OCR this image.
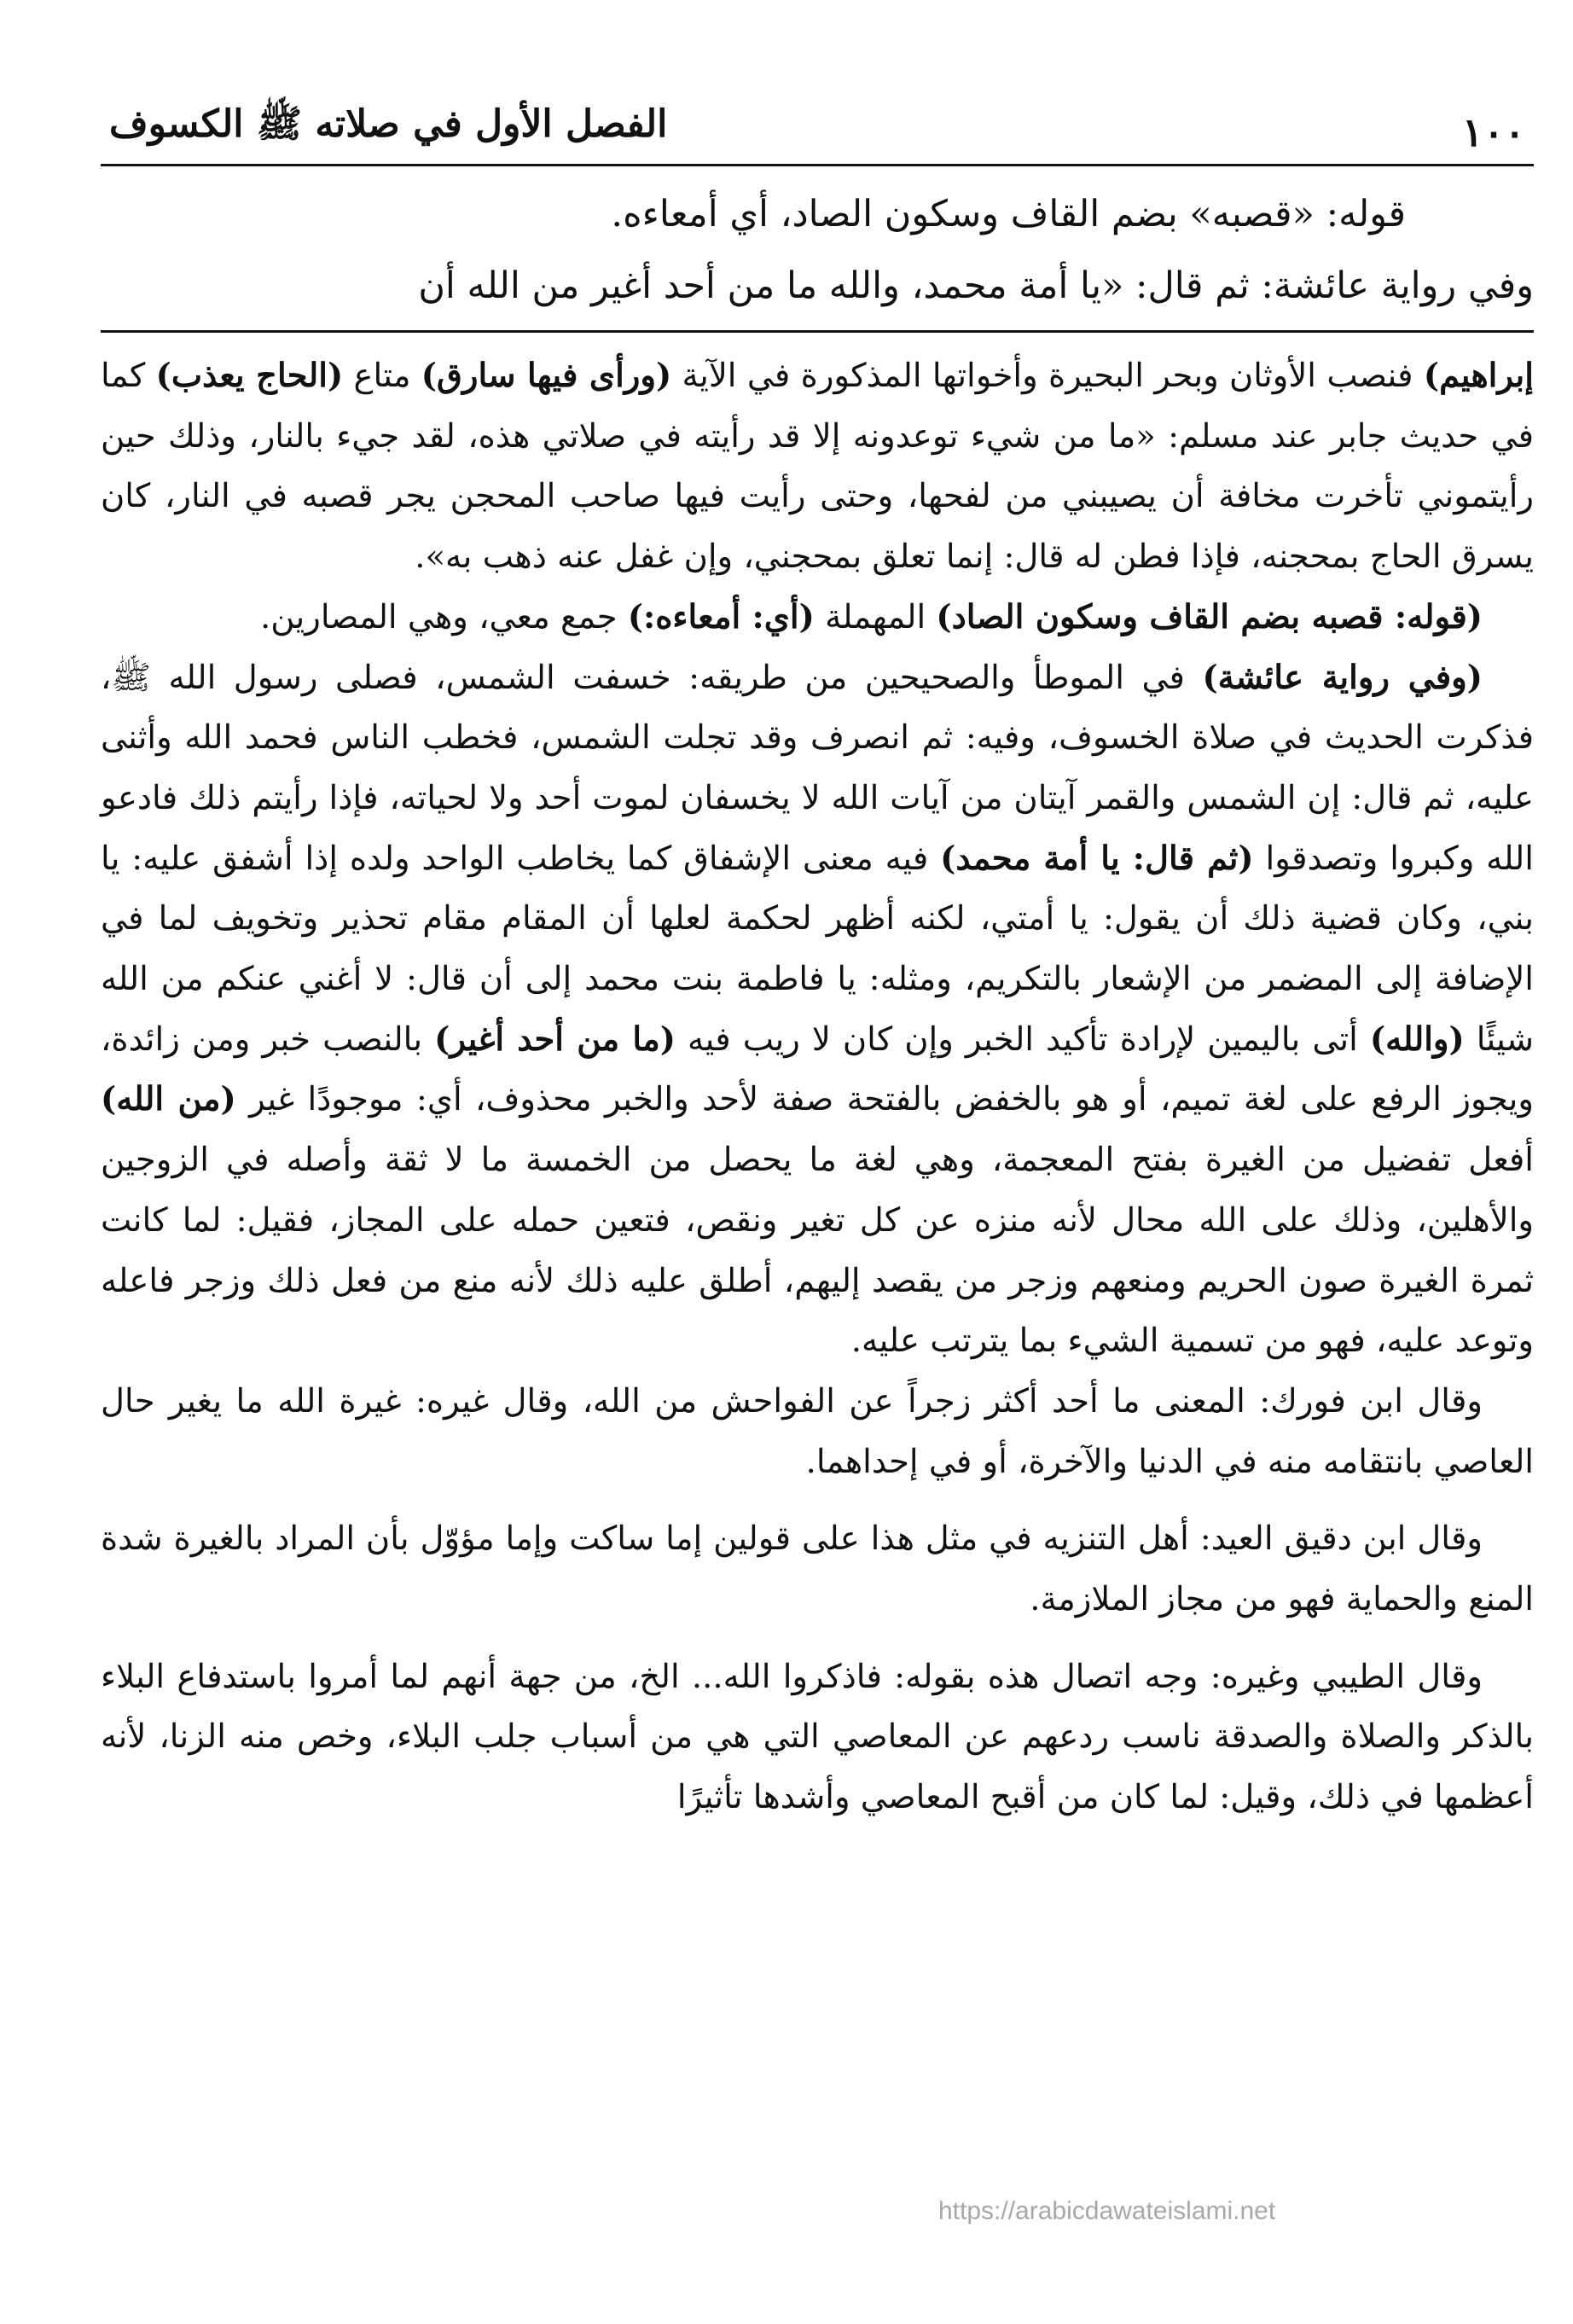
١٠٠
الفصل الأول في صلاته ﷺ الكسوف

قوله: «قصبه» بضم القاف وسكون الصاد، أي أمعاءه.

وفي رواية عائشة: ثم قال: «يا أمة محمد، والله ما من أحد أغير من الله أن

إبراهيم) فنصب الأوثان وبحر البحيرة وأخواتها المذكورة في الآية (ورأى فيها سارق) متاع (الحاج يعذب) كما في حديث جابر عند مسلم: «ما من شيء توعدونه إلا قد رأيته في صلاتي هذه، لقد جيء بالنار، وذلك حين رأيتموني تأخرت مخافة أن يصيبني من لفحها، وحتى رأيت فيها صاحب المحجن يجر قصبه في النار، كان يسرق الحاج بمحجنه، فإذا فطن له قال: إنما تعلق بمحجني، وإن غفل عنه ذهب به».

(قوله: قصبه بضم القاف وسكون الصاد) المهملة (أي: أمعاءه:) جمع معي، وهي المصارين.

(وفي رواية عائشة) في الموطأ والصحيحين من طريقه: خسفت الشمس، فصلى رسول الله ﷺ، فذكرت الحديث في صلاة الخسوف، وفيه: ثم انصرف وقد تجلت الشمس، فخطب الناس فحمد الله وأثنى عليه، ثم قال: إن الشمس والقمر آيتان من آيات الله لا يخسفان لموت أحد ولا لحياته، فإذا رأيتم ذلك فادعو الله وكبروا وتصدقوا (ثم قال: يا أمة محمد) فيه معنى الإشفاق كما يخاطب الواحد ولده إذا أشفق عليه: يا بني، وكان قضية ذلك أن يقول: يا أمتي، لكنه أظهر لحكمة لعلها أن المقام مقام تحذير وتخويف لما في الإضافة إلى المضمر من الإشعار بالتكريم، ومثله: يا فاطمة بنت محمد إلى أن قال: لا أغني عنكم من الله شيئًا (والله) أتى باليمين لإرادة تأكيد الخبر وإن كان لا ريب فيه (ما من أحد أغير) بالنصب خبر ومن زائدة، ويجوز الرفع على لغة تميم، أو هو بالخفض بالفتحة صفة لأحد والخبر محذوف، أي: موجودًا غير (من الله) أفعل تفضيل من الغيرة بفتح المعجمة، وهي لغة ما يحصل من الخمسة ما لا ثقة وأصله في الزوجين والأهلين، وذلك على الله محال لأنه منزه عن كل تغير ونقص، فتعين حمله على المجاز، فقيل: لما كانت ثمرة الغيرة صون الحريم ومنعهم وزجر من يقصد إليهم، أطلق عليه ذلك لأنه منع من فعل ذلك وزجر فاعله وتوعد عليه، فهو من تسمية الشيء بما يترتب عليه.

وقال ابن فورك: المعنى ما أحد أكثر زجراً عن الفواحش من الله، وقال غيره: غيرة الله ما يغير حال العاصي بانتقامه منه في الدنيا والآخرة، أو في إحداهما.

وقال ابن دقيق العيد: أهل التنزيه في مثل هذا على قولين إما ساكت وإما مؤوّل بأن المراد بالغيرة شدة المنع والحماية فهو من مجاز الملازمة.

وقال الطيبي وغيره: وجه اتصال هذه بقوله: فاذكروا الله... الخ، من جهة أنهم لما أمروا باستدفاع البلاء بالذكر والصلاة والصدقة ناسب ردعهم عن المعاصي التي هي من أسباب جلب البلاء، وخص منه الزنا، لأنه أعظمها في ذلك، وقيل: لما كان من أقبح المعاصي وأشدها تأثيرًا

https://arabicdawateislami.net
